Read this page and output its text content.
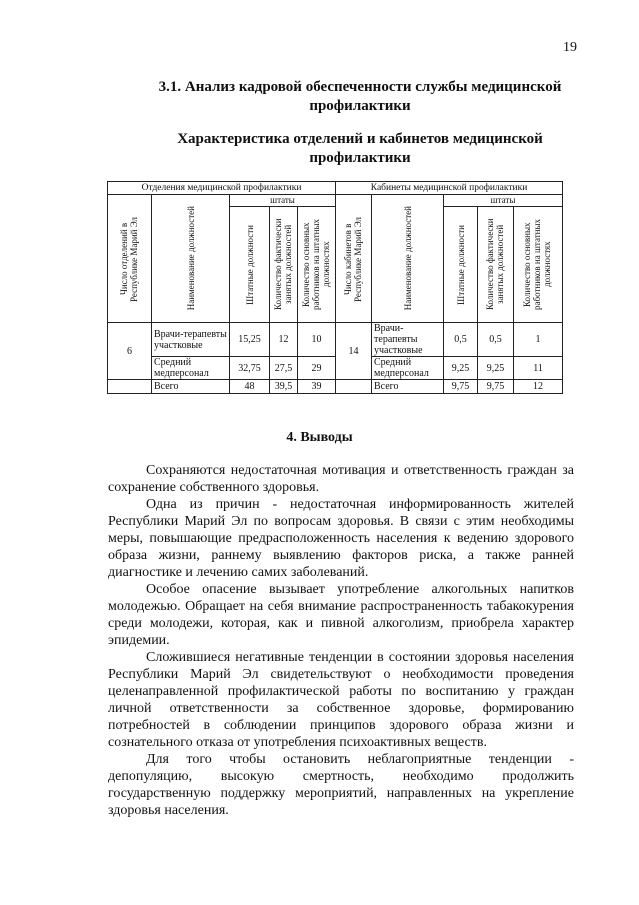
19
3.1. Анализ кадровой обеспеченности службы медицинской профилактики
Характеристика отделений и кабинетов медицинской профилактики
Отделения медицинской профилактики					Кабинеты медицинской профилактики				

Число отделений в Республике Марий Эл	Наименование должностей	штаты			Число кабинетов в Республике Марий Эл	Наименование должностей	штаты		

		Штатные должности	Количество фактически занятых должностей	Количество основных работников на штатных должностях			Штатные должности	Количество фактически занятых должностей	Количество основных работников на штатных должностях

6	Врачи-терапевты участковые	15,25	12	10	14	Врачи-терапевты участковые	0,5	0,5	1
	Средний медперсонал	32,75	27,5	29		Средний медперсонал	9,25	9,25	11
	Всего	48	39,5	39		Всего	9,75	9,75	12
4. Выводы

Сохраняются недостаточная мотивация и ответственность граждан за сохранение собственного здоровья.

Одна из причин - недостаточная информированность жителей Республики Марий Эл по вопросам здоровья. В связи с этим необходимы меры, повышающие предрасположенность населения к ведению здорового образа жизни, раннему выявлению факторов риска, а также ранней диагностике и лечению самих заболеваний.

Особое опасение вызывает употребление алкогольных напитков молодежью. Обращает на себя внимание распространенность табакокурения среди молодежи, которая, как и пивной алкоголизм, приобрела характер эпидемии.

Сложившиеся негативные тенденции в состоянии здоровья населения Республики Марий Эл свидетельствуют о необходимости проведения целенаправленной профилактической работы по воспитанию у граждан личной ответственности за собственное здоровье, формированию потребностей в соблюдении принципов здорового образа жизни и сознательного отказа от употребления психоактивных веществ.

Для того чтобы остановить неблагоприятные тенденции - депопуляцию, высокую смертность, необходимо продолжить государственную поддержку мероприятий, направленных на укрепление здоровья населения.
